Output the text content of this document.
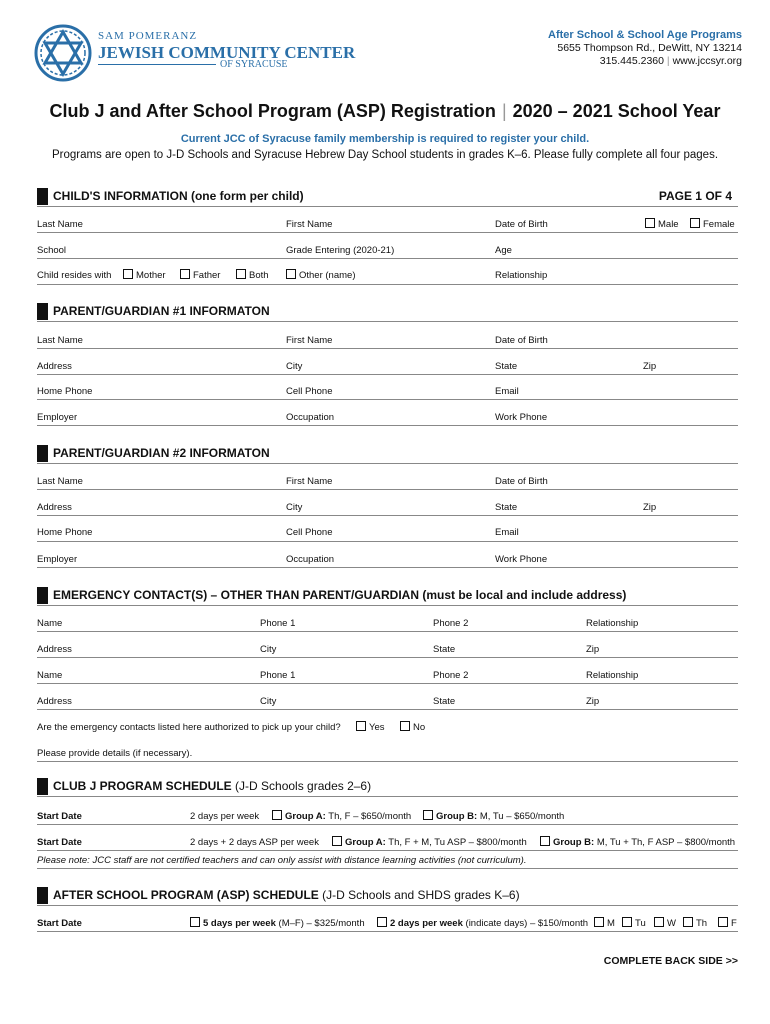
SAM POMERANZ
JEWISH COMMUNITY CENTER
OF SYRACUSE
After School & School Age Programs
5655 Thompson Rd., DeWitt, NY 13214
315.445.2360 | www.jccsyr.org
Club J and After School Program (ASP) Registration | 2020 – 2021 School Year
Current JCC of Syracuse family membership is required to register your child.
Programs are open to J-D Schools and Syracuse Hebrew Day School students in grades K–6. Please fully complete all four pages.
CHILD'S INFORMATION (one form per child)	PAGE 1 OF 4
Last Name	First Name	Date of Birth	Male	Female
School	Grade Entering (2020-21)	Age
Child resides with	Mother	Father	Both	Other (name)	Relationship
PARENT/GUARDIAN #1 INFORMATON
Last Name	First Name	Date of Birth
Address	City	State	Zip
Home Phone	Cell Phone	Email
Employer	Occupation	Work Phone
PARENT/GUARDIAN #2 INFORMATON
Last Name	First Name	Date of Birth
Address	City	State	Zip
Home Phone	Cell Phone	Email
Employer	Occupation	Work Phone
EMERGENCY CONTACT(S) – OTHER THAN PARENT/GUARDIAN (must be local and include address)
Name	Phone 1	Phone 2	Relationship
Address	City	State	Zip
Name	Phone 1	Phone 2	Relationship
Address	City	State	Zip
Are the emergency contacts listed here authorized to pick up your child?	Yes	No
Please provide details (if necessary).
CLUB J PROGRAM SCHEDULE (J-D Schools grades 2–6)
Start Date	2 days per week	Group A: Th, F – $650/month	Group B: M, Tu – $650/month
Start Date	2 days + 2 days ASP per week	Group A: Th, F + M, Tu ASP – $800/month	Group B: M, Tu + Th, F ASP – $800/month
Please note: JCC staff are not certified teachers and can only assist with distance learning activities (not curriculum).
AFTER SCHOOL PROGRAM (ASP) SCHEDULE (J-D Schools and SHDS grades K–6)
Start Date	5 days per week (M–F) – $325/month	2 days per week (indicate days) – $150/month	M	Tu	W	Th	F
COMPLETE BACK SIDE >>
